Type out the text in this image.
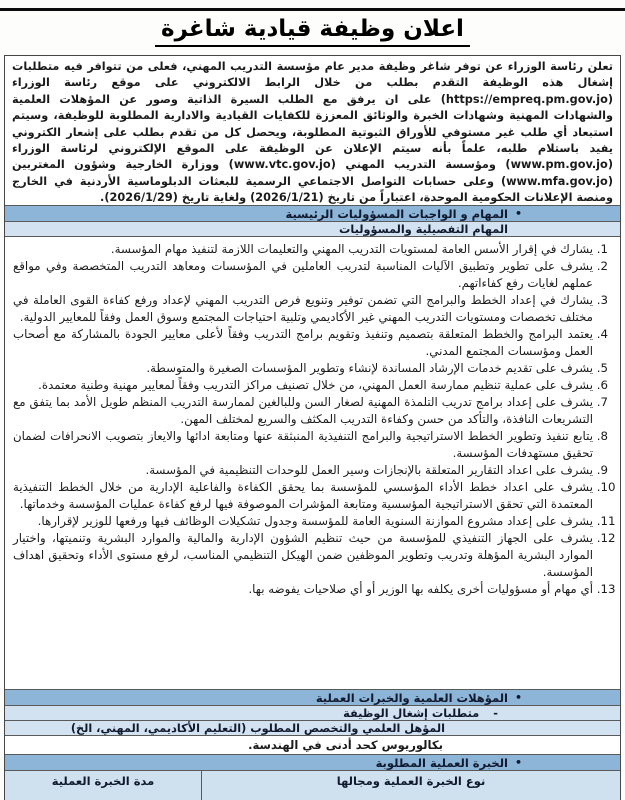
اعلان وظيفة قيادية شاغرة

تعلن رئاسة الوزراء عن توفر شاغر وظيفة مدير عام مؤسسة التدريب المهني، فعلى من تتوافر فيه متطلبات إشغال هذه الوظيفة التقدم بطلب من خلال الرابط الالكتروني على موقع رئاسة الوزراء (https://empreq.pm.gov.jo) على ان يرفق مع الطلب السيرة الذاتية وصور عن المؤهلات العلمية والشهادات المهنية وشهادات الخبرة والوثائق المعززة للكفايات القيادية والادارية المطلوبة للوظيفة، وسيتم استبعاد أي طلب غير مستوفي للأوراق الثبوتية المطلوبة، ويحصل كل من تقدم بطلب على إشعار الكتروني يفيد باستلام طلبه، علماً بأنه سيتم الإعلان عن الوظيفة على الموقع الإلكتروني لرئاسة الوزراء (www.pm.gov.jo) ومؤسسة التدريب المهني (www.vtc.gov.jo) ووزارة الخارجية وشؤون المغتربين (www.mfa.gov.jo) وعلى حسابات التواصل الاجتماعي الرسمية للبعثات الدبلوماسية الأردنية في الخارج ومنصة الإعلانات الحكومية الموحدة، اعتباراً من تاريخ (2026/1/21) ولغاية تاريخ (2026/1/29).

•
المهام و الواجبات المسؤوليات الرئيسية
المهام التفصيلية والمسؤوليات
1. يشارك في إقرار الأسس العامة لمستويات التدريب المهني والتعليمات اللازمة لتنفيذ مهام المؤسسة.
2. يشرف على تطوير وتطبيق الآليات المناسبة لتدريب العاملين في المؤسسات ومعاهد التدريب المتخصصة وفي مواقع عملهم لغايات رفع كفاءاتهم.
3. يشارك في إعداد الخطط والبرامج التي تضمن توفير وتنويع فرص التدريب المهني لإعداد ورفع كفاءة القوى العاملة في مختلف تخصصات ومستويات التدريب المهني غير الأكاديمي وتلبية احتياجات المجتمع وسوق العمل وفقاً للمعايير الدولية.
4. يعتمد البرامج والخطط المتعلقة بتصميم وتنفيذ وتقويم برامج التدريب وفقاً لأعلى معايير الجودة بالمشاركة مع أصحاب العمل ومؤسسات المجتمع المدني.
5. يشرف على تقديم خدمات الإرشاد المساندة لإنشاء وتطوير المؤسسات الصغيرة والمتوسطة.
6. يشرف على عملية تنظيم ممارسة العمل المهني، من خلال تصنيف مراكز التدريب وفقاً لمعايير مهنية وطنية معتمدة.
7. يشرف على إعداد برامج تدريب التلمذة المهنية لصغار السن وللبالغين لممارسة التدريب المنظم طويل الأمد بما يتفق مع التشريعات النافذة، والتأكد من حسن وكفاءة التدريب المكثف والسريع لمختلف المهن.
8. يتابع تنفيذ وتطوير الخطط الاستراتيجية والبرامج التنفيذية المنبثقة عنها ومتابعة ادائها والايعاز بتصويب الانحرافات لضمان تحقيق مستهدفات المؤسسة.
9. يشرف على اعداد التقارير المتعلقة بالإنجازات وسير العمل للوحدات التنظيمية في المؤسسة.
10. يشرف على اعداد خطط الأداء المؤسسي للمؤسسة بما يحقق الكفاءة والفاعلية الإدارية من خلال الخطط التنفيذية المعتمدة التي تحقق الاستراتيجية المؤسسية ومتابعة المؤشرات الموصوفة فيها لرفع كفاءة عمليات المؤسسة وخدماتها.
11. يشرف على إعداد مشروع الموازنة السنوية العامة للمؤسسة وجدول تشكيلات الوظائف فيها ورفعها للوزير لإقرارها.
12. يشرف على الجهاز التنفيذي للمؤسسة من حيث تنظيم الشؤون الإدارية والمالية والموارد البشرية وتنميتها، واختيار الموارد البشرية المؤهلة وتدريب وتطوير الموظفين ضمن الهيكل التنظيمي المناسب، لرفع مستوى الأداء وتحقيق اهداف المؤسسة.
13. أي مهام أو مسؤوليات أخرى يكلفه بها الوزير أو أي صلاحيات يفوضه بها.
•
المؤهلات العلمية والخبرات العملية
-
متطلبات إشغال الوظيفة
المؤهل العلمي والتخصص المطلوب (التعليم الأكاديمي، المهني، الخ)
بكالوريوس كحد أدنى في الهندسة.
•
الخبرة العملية المطلوبة
نوع الخبرة العملية ومجالها
مدة الخبرة العملية
